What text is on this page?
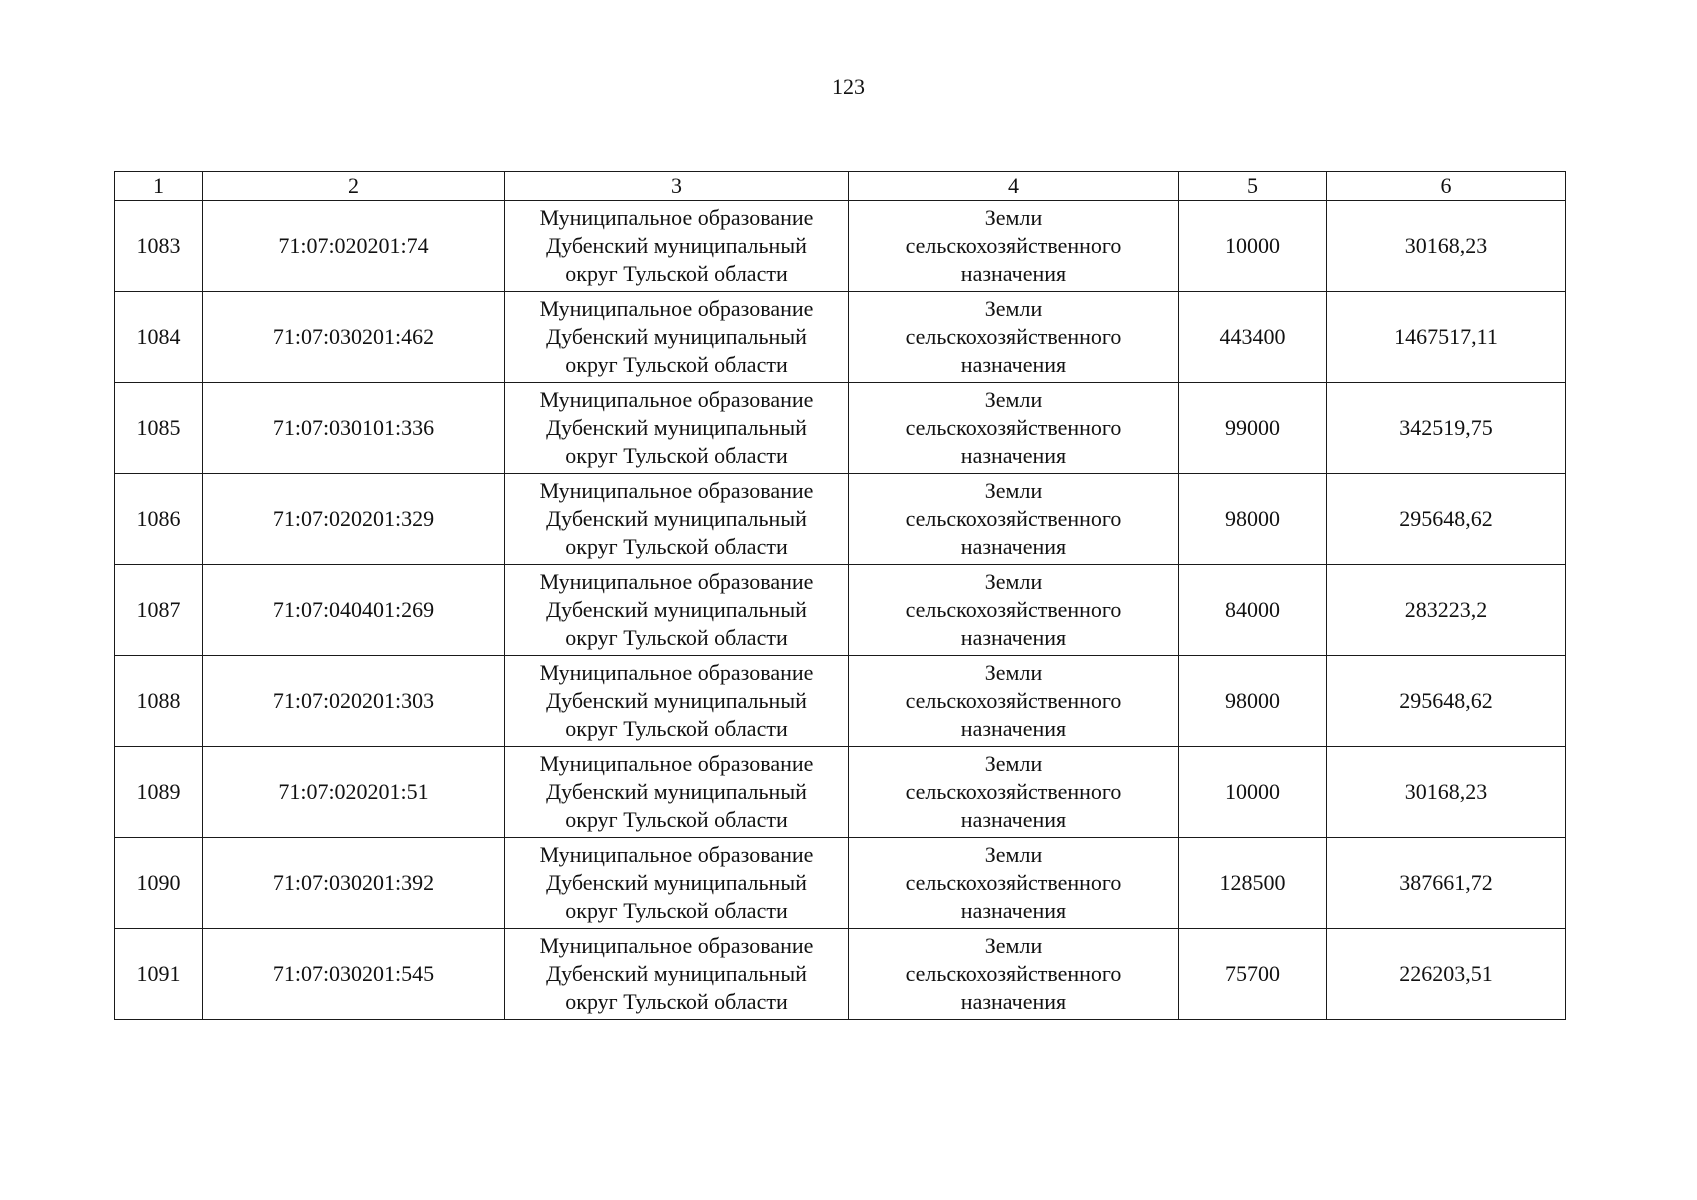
123
1	2	3	4	5	6
1083	71:07:020201:74	Муниципальное образование
Дубенский муниципальный
округ Тульской области	Земли
сельскохозяйственного
назначения	10000	30168,23
1084	71:07:030201:462	Муниципальное образование
Дубенский муниципальный
округ Тульской области	Земли
сельскохозяйственного
назначения	443400	1467517,11
1085	71:07:030101:336	Муниципальное образование
Дубенский муниципальный
округ Тульской области	Земли
сельскохозяйственного
назначения	99000	342519,75
1086	71:07:020201:329	Муниципальное образование
Дубенский муниципальный
округ Тульской области	Земли
сельскохозяйственного
назначения	98000	295648,62
1087	71:07:040401:269	Муниципальное образование
Дубенский муниципальный
округ Тульской области	Земли
сельскохозяйственного
назначения	84000	283223,2
1088	71:07:020201:303	Муниципальное образование
Дубенский муниципальный
округ Тульской области	Земли
сельскохозяйственного
назначения	98000	295648,62
1089	71:07:020201:51	Муниципальное образование
Дубенский муниципальный
округ Тульской области	Земли
сельскохозяйственного
назначения	10000	30168,23
1090	71:07:030201:392	Муниципальное образование
Дубенский муниципальный
округ Тульской области	Земли
сельскохозяйственного
назначения	128500	387661,72
1091	71:07:030201:545	Муниципальное образование
Дубенский муниципальный
округ Тульской области	Земли
сельскохозяйственного
назначения	75700	226203,51
